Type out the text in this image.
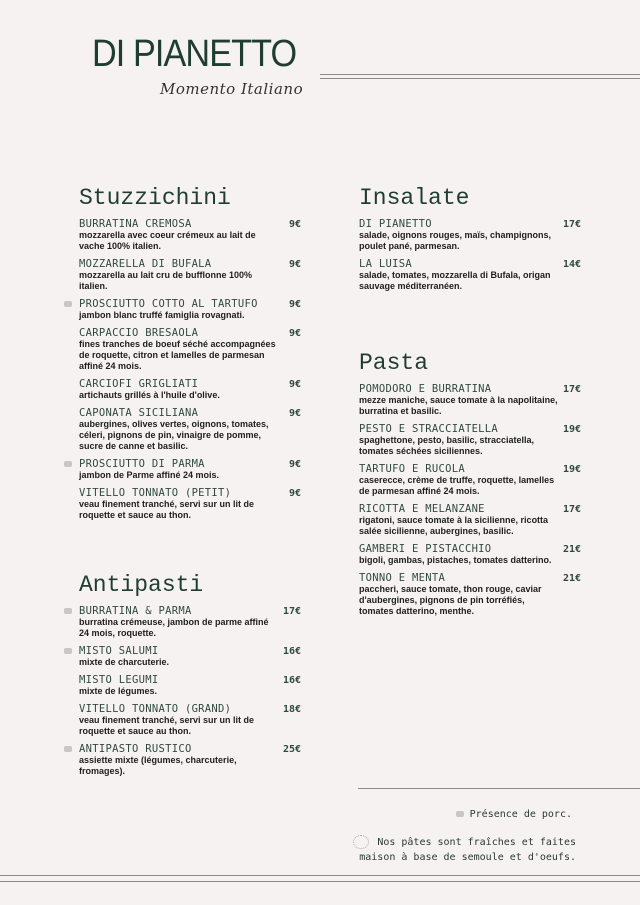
DI PIANETTO
Momento Italiano
Stuzzichini
BURRATINA CREMOSA	9€
mozzarella avec coeur crémeux au lait de vache 100% italien.
MOZZARELLA DI BUFALA	9€
mozzarella au lait cru de bufflonne 100% italien.
PROSCIUTTO COTTO AL TARTUFO	9€
jambon blanc truffé famiglia rovagnati.
CARPACCIO BRESAOLA	9€
fines tranches de boeuf séché accompagnées de roquette, citron et lamelles de parmesan affiné 24 mois.
CARCIOFI GRIGLIATI	9€
artichauts grillés à l'huile d'olive.
CAPONATA SICILIANA	9€
aubergines, olives vertes, oignons, tomates, céleri, pignons de pin, vinaigre de pomme, sucre de canne et basilic.
PROSCIUTTO DI PARMA	9€
jambon de Parme affiné 24 mois.
VITELLO TONNATO (PETIT)	9€
veau finement tranché, servi sur un lit de roquette et sauce au thon.
Antipasti
BURRATINA & PARMA	17€
burratina crémeuse, jambon de parme affiné 24 mois, roquette.
MISTO SALUMI	16€
mixte de charcuterie.
MISTO LEGUMI	16€
mixte de légumes.
VITELLO TONNATO (GRAND)	18€
veau finement tranché, servi sur un lit de roquette et sauce au thon.
ANTIPASTO RUSTICO	25€
assiette mixte (légumes, charcuterie, fromages).
Insalate
DI PIANETTO	17€
salade, oignons rouges, maïs, champignons, poulet pané, parmesan.
LA LUISA	14€
salade, tomates, mozzarella di Bufala, origan sauvage méditerranéen.
Pasta
POMODORO E BURRATINA	17€
mezze maniche, sauce tomate à la napolitaine, burratina et basilic.
PESTO E STRACCIATELLA	19€
spaghettone, pesto, basilic, stracciatella, tomates séchées siciliennes.
TARTUFO E RUCOLA	19€
caserecce, crème de truffe, roquette, lamelles de parmesan affiné 24 mois.
RICOTTA E MELANZANE	17€
rigatoni, sauce tomate à la sicilienne, ricotta salée sicilienne, aubergines, basilic.
GAMBERI E PISTACCHIO	21€
bigoli, gambas, pistaches, tomates datterino.
TONNO E MENTA	21€
paccheri, sauce tomate, thon rouge, caviar d'aubergines, pignons de pin torréfiés, tomates datterino, menthe.
Présence de porc.
Nos pâtes sont fraîches et faites
maison à base de semoule et d'oeufs.
